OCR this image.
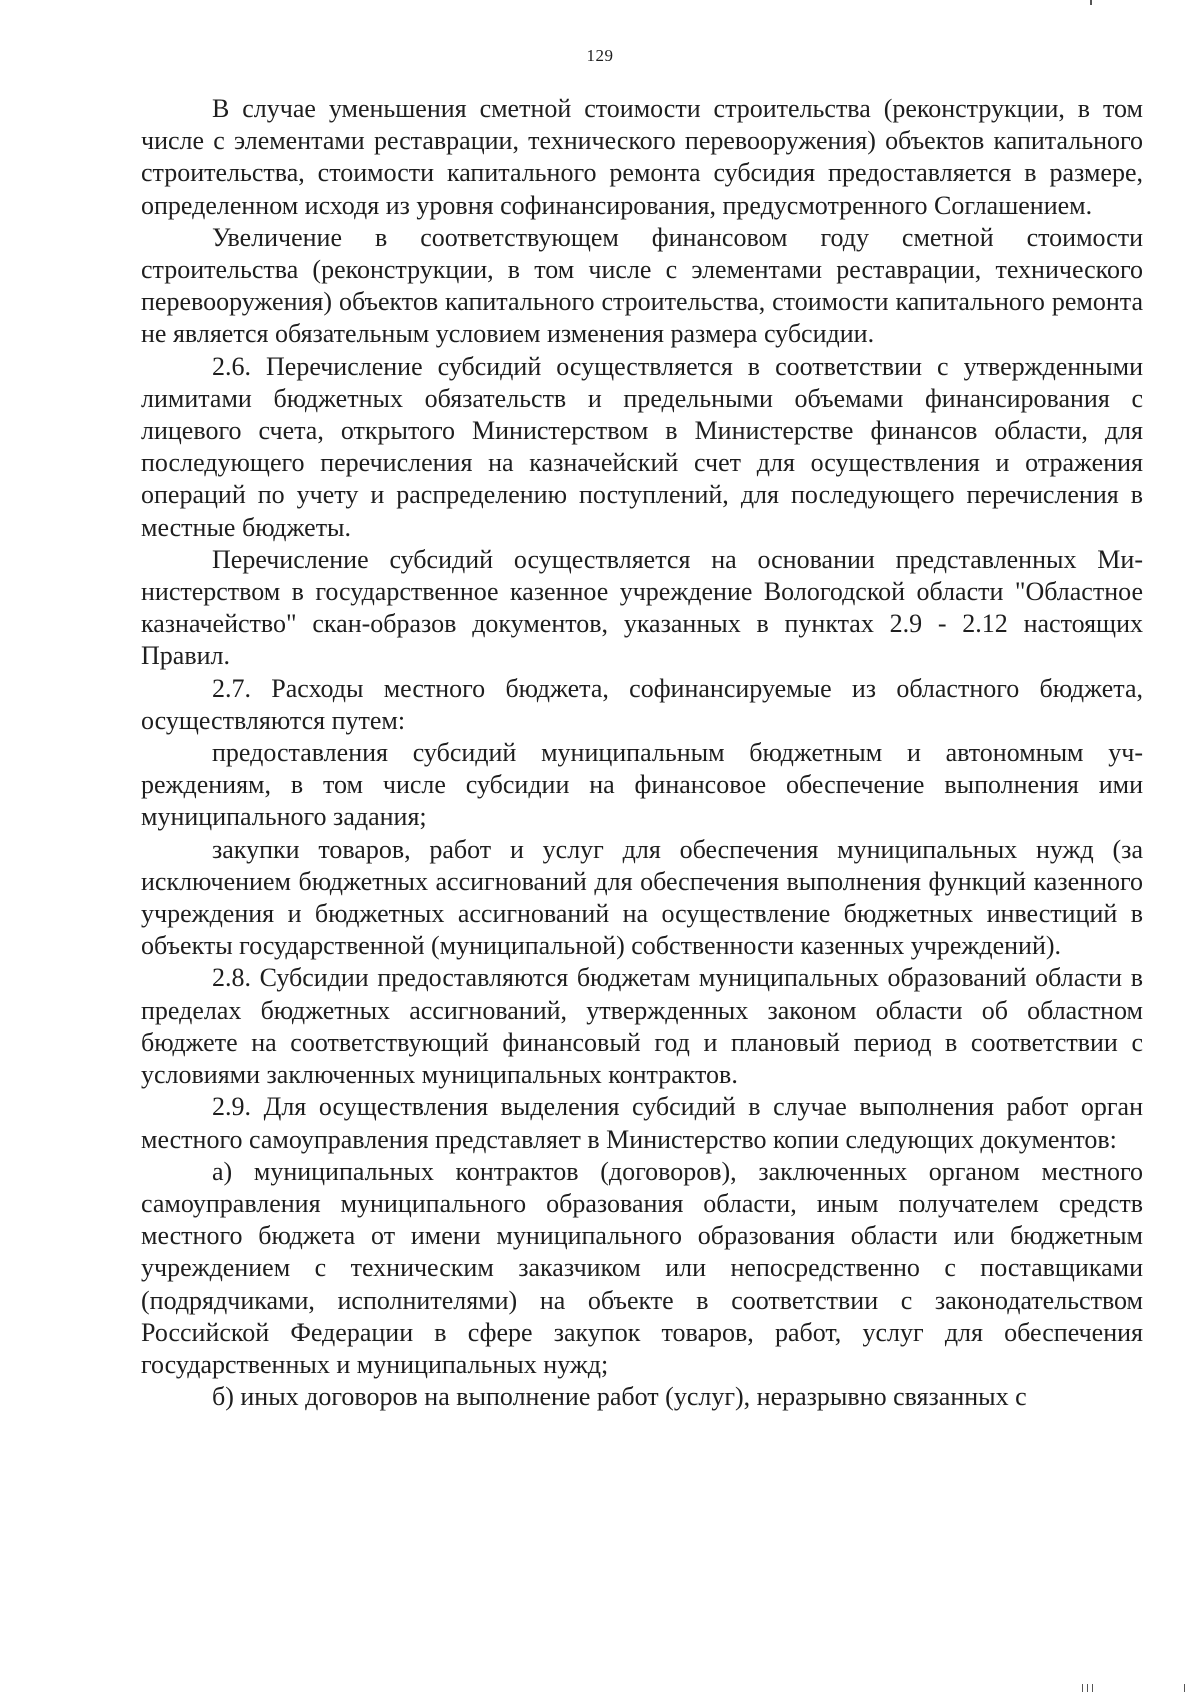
129

В случае уменьшения сметной стоимости строительства (реконструкции, в том числе с элементами реставрации, технического перевооружения) объектов капитального строительства, стоимости капитального ремонта субсидия предоставляется в размере, определенном исходя из уровня софинансирования, предусмотренного Соглашением.

Увеличение в соответствующем финансовом году сметной стоимости строительства (реконструкции, в том числе с элементами реставрации, технического перевооружения) объектов капитального строительства, стоимости капитального ремонта не является обязательным условием изменения размера субсидии.

2.6. Перечисление субсидий осуществляется в соответствии с утвержденными лимитами бюджетных обязательств и предельными объемами финансирования с лицевого счета, открытого Министерством в Министерстве финансов области, для последующего перечисления на казначейский счет для осуществления и отражения операций по учету и распределению поступлений, для последующего перечисления в местные бюджеты.

Перечисление субсидий осуществляется на основании представленных Министерством в государственное казенное учреждение Вологодской области "Областное казначейство" скан-образов документов, указанных в пунктах 2.9 - 2.12 настоящих Правил.

2.7. Расходы местного бюджета, софинансируемые из областного бюджета, осуществляются путем:

предоставления субсидий муниципальным бюджетным и автономным учреждениям, в том числе субсидии на финансовое обеспечение выполнения ими муниципального задания;

закупки товаров, работ и услуг для обеспечения муниципальных нужд (за исключением бюджетных ассигнований для обеспечения выполнения функций казенного учреждения и бюджетных ассигнований на осуществление бюджетных инвестиций в объекты государственной (муниципальной) собственности казенных учреждений).

2.8. Субсидии предоставляются бюджетам муниципальных образований области в пределах бюджетных ассигнований, утвержденных законом области об областном бюджете на соответствующий финансовый год и плановый период в соответствии с условиями заключенных муниципальных контрактов.

2.9. Для осуществления выделения субсидий в случае выполнения работ орган местного самоуправления представляет в Министерство копии следующих документов:

а) муниципальных контрактов (договоров), заключенных органом местного самоуправления муниципального образования области, иным получателем средств местного бюджета от имени муниципального образования области или бюджетным учреждением с техническим заказчиком или непосредственно с поставщиками (подрядчиками, исполнителями) на объекте в соответствии с законодательством Российской Федерации в сфере закупок товаров, работ, услуг для обеспечения государственных и муниципальных нужд;

б) иных договоров на выполнение работ (услуг), неразрывно связанных с
